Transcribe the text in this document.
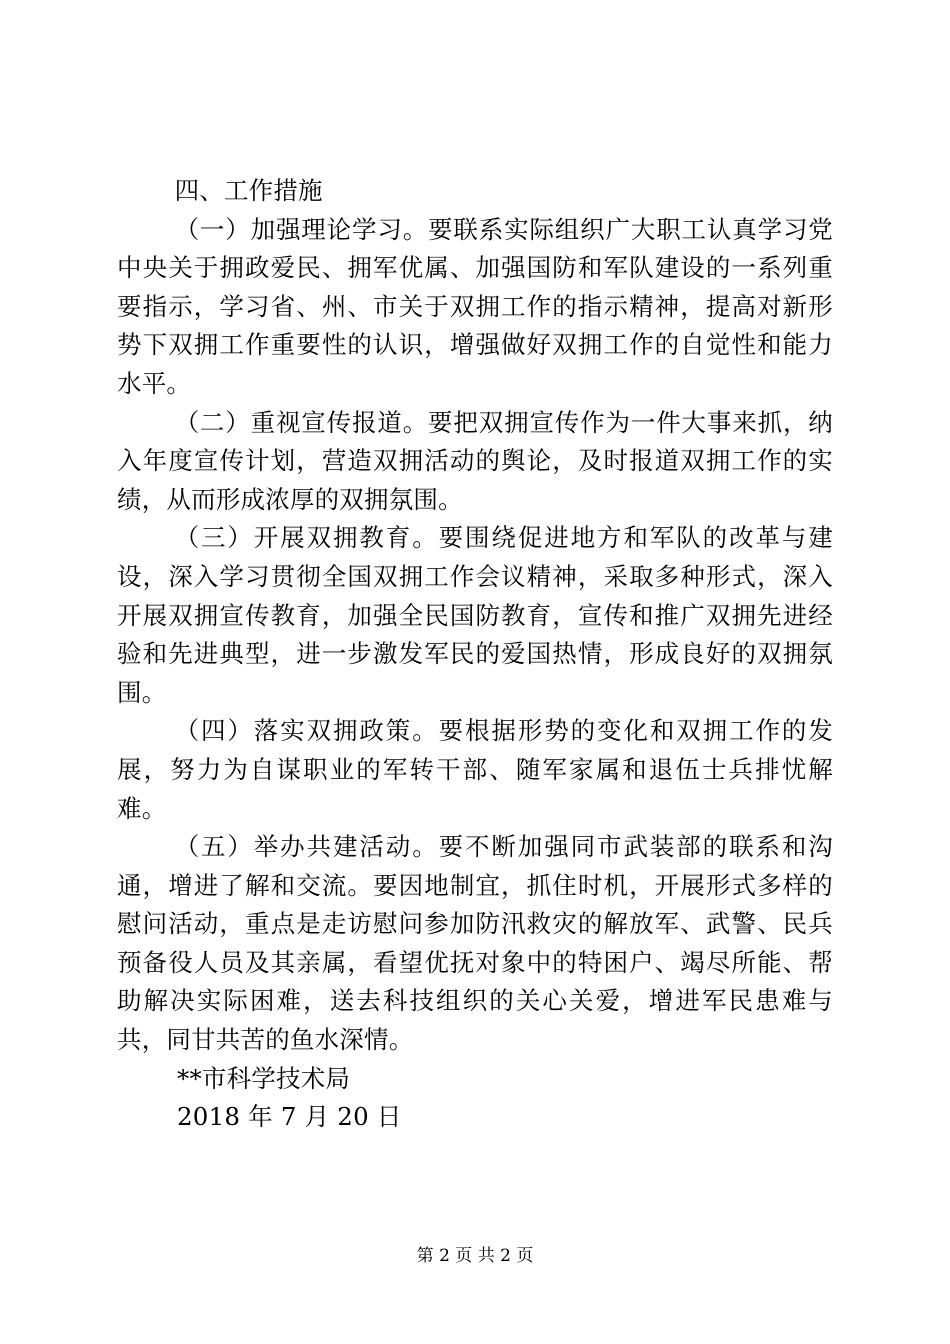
四、工作措施

（一）加强理论学习。要联系实际组织广大职工认真学习党中央关于拥政爱民、拥军优属、加强国防和军队建设的一系列重要指示，学习省、州、市关于双拥工作的指示精神，提高对新形势下双拥工作重要性的认识，增强做好双拥工作的自觉性和能力水平。

（二）重视宣传报道。要把双拥宣传作为一件大事来抓，纳入年度宣传计划，营造双拥活动的舆论，及时报道双拥工作的实绩，从而形成浓厚的双拥氛围。

（三）开展双拥教育。要围绕促进地方和军队的改革与建设，深入学习贯彻全国双拥工作会议精神，采取多种形式，深入开展双拥宣传教育，加强全民国防教育，宣传和推广双拥先进经验和先进典型，进一步激发军民的爱国热情，形成良好的双拥氛围。

（四）落实双拥政策。要根据形势的变化和双拥工作的发展，努力为自谋职业的军转干部、随军家属和退伍士兵排忧解难。

（五）举办共建活动。要不断加强同市武装部的联系和沟通，增进了解和交流。要因地制宜，抓住时机，开展形式多样的慰问活动，重点是走访慰问参加防汛救灾的解放军、武警、民兵预备役人员及其亲属，看望优抚对象中的特困户、竭尽所能、帮助解决实际困难，送去科技组织的关心关爱，增进军民患难与共，同甘共苦的鱼水深情。

**市科学技术局

2018 年 7 月 20 日

第 2 页 共 2 页
